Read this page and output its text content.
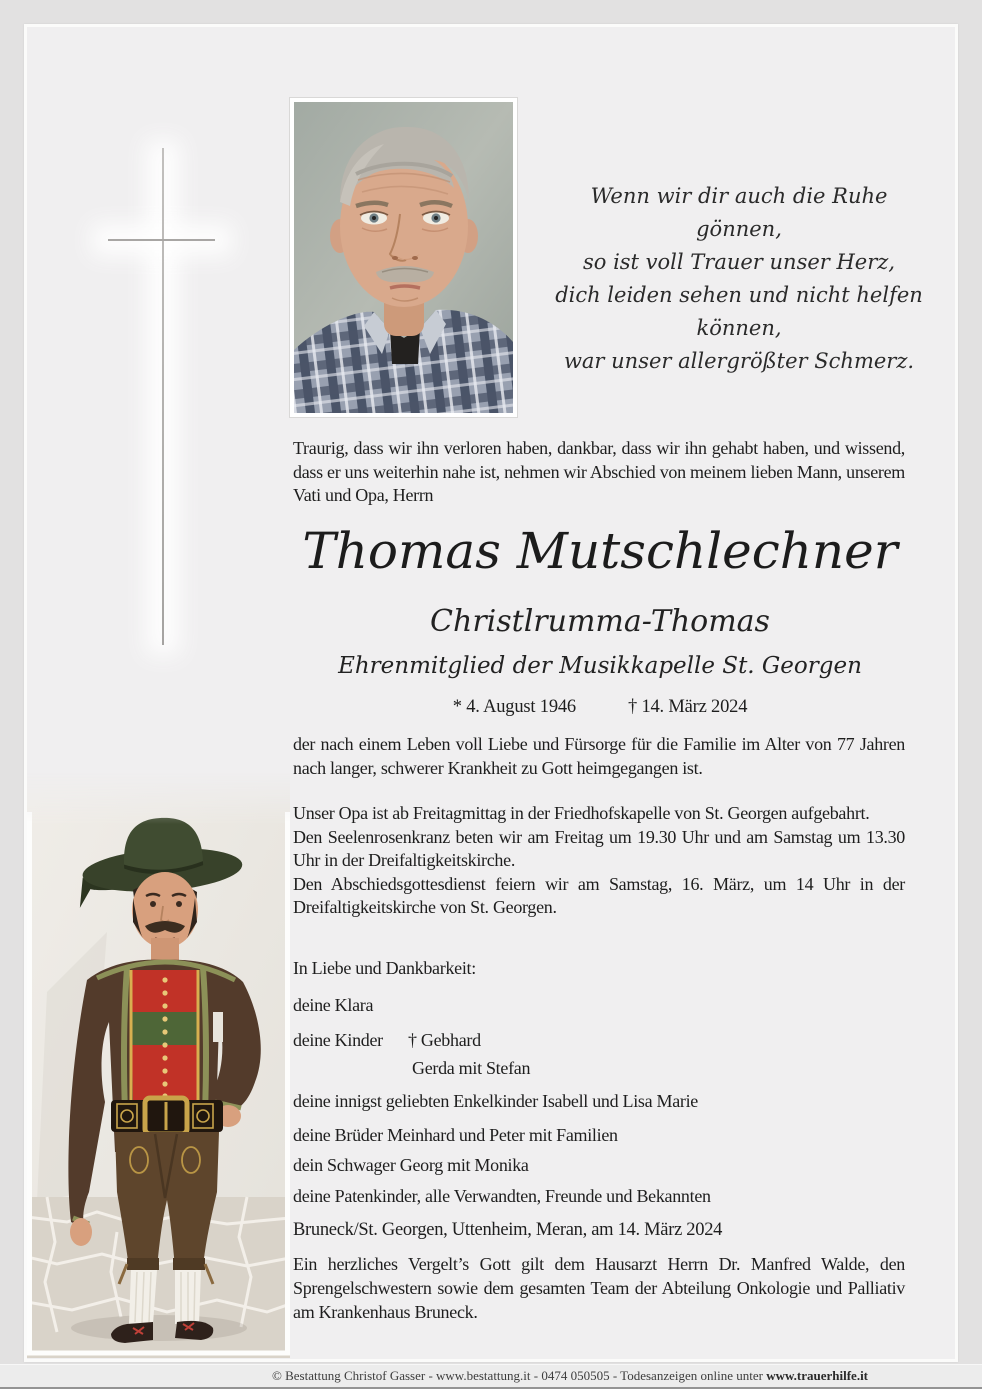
Wenn wir dir auch die Ruhe gönnen,
so ist voll Trauer unser Herz,
dich leiden sehen und nicht helfen können,
war unser allergrößter Schmerz.
Traurig, dass wir ihn verloren haben, dankbar, dass wir ihn gehabt haben, und wissend, dass er uns weiterhin nahe ist, nehmen wir Abschied von meinem lieben Mann, unserem Vati und Opa, Herrn
Thomas Mutschlechner
Christlrumma-Thomas
Ehrenmitglied der Musikkapelle St. Georgen
* 4. August 1946	† 14. März 2024
der nach einem Leben voll Liebe und Fürsorge für die Familie im Alter von 77 Jahren nach langer, schwerer Krankheit zu Gott heimgegangen ist.

Unser Opa ist ab Freitagmittag in der Friedhofskapelle von St. Georgen aufgebahrt.

Den Seelenrosenkranz beten wir am Freitag um 19.30 Uhr und am Samstag um 13.30 Uhr in der Dreifaltigkeitskirche.

Den Abschiedsgottesdienst feiern wir am Samstag, 16. März, um 14 Uhr in der Dreifaltigkeitskirche von St. Georgen.

In Liebe und Dankbarkeit:
deine Klara
deine Kinder	† Gebhard
Gerda mit Stefan
deine innigst geliebten Enkelkinder Isabell und Lisa Marie
deine Brüder Meinhard und Peter mit Familien
dein Schwager Georg mit Monika
deine Patenkinder, alle Verwandten, Freunde und Bekannten
Bruneck/St. Georgen, Uttenheim, Meran, am 14. März 2024
Ein herzliches Vergelt’s Gott gilt dem Hausarzt Herrn Dr. Manfred Walde, den Sprengelschwestern sowie dem gesamten Team der Abteilung Onkologie und Palliativ am Krankenhaus Bruneck.
© Bestattung Christof Gasser - www.bestattung.it - 0474 050505 - Todesanzeigen online unter www.trauerhilfe.it
